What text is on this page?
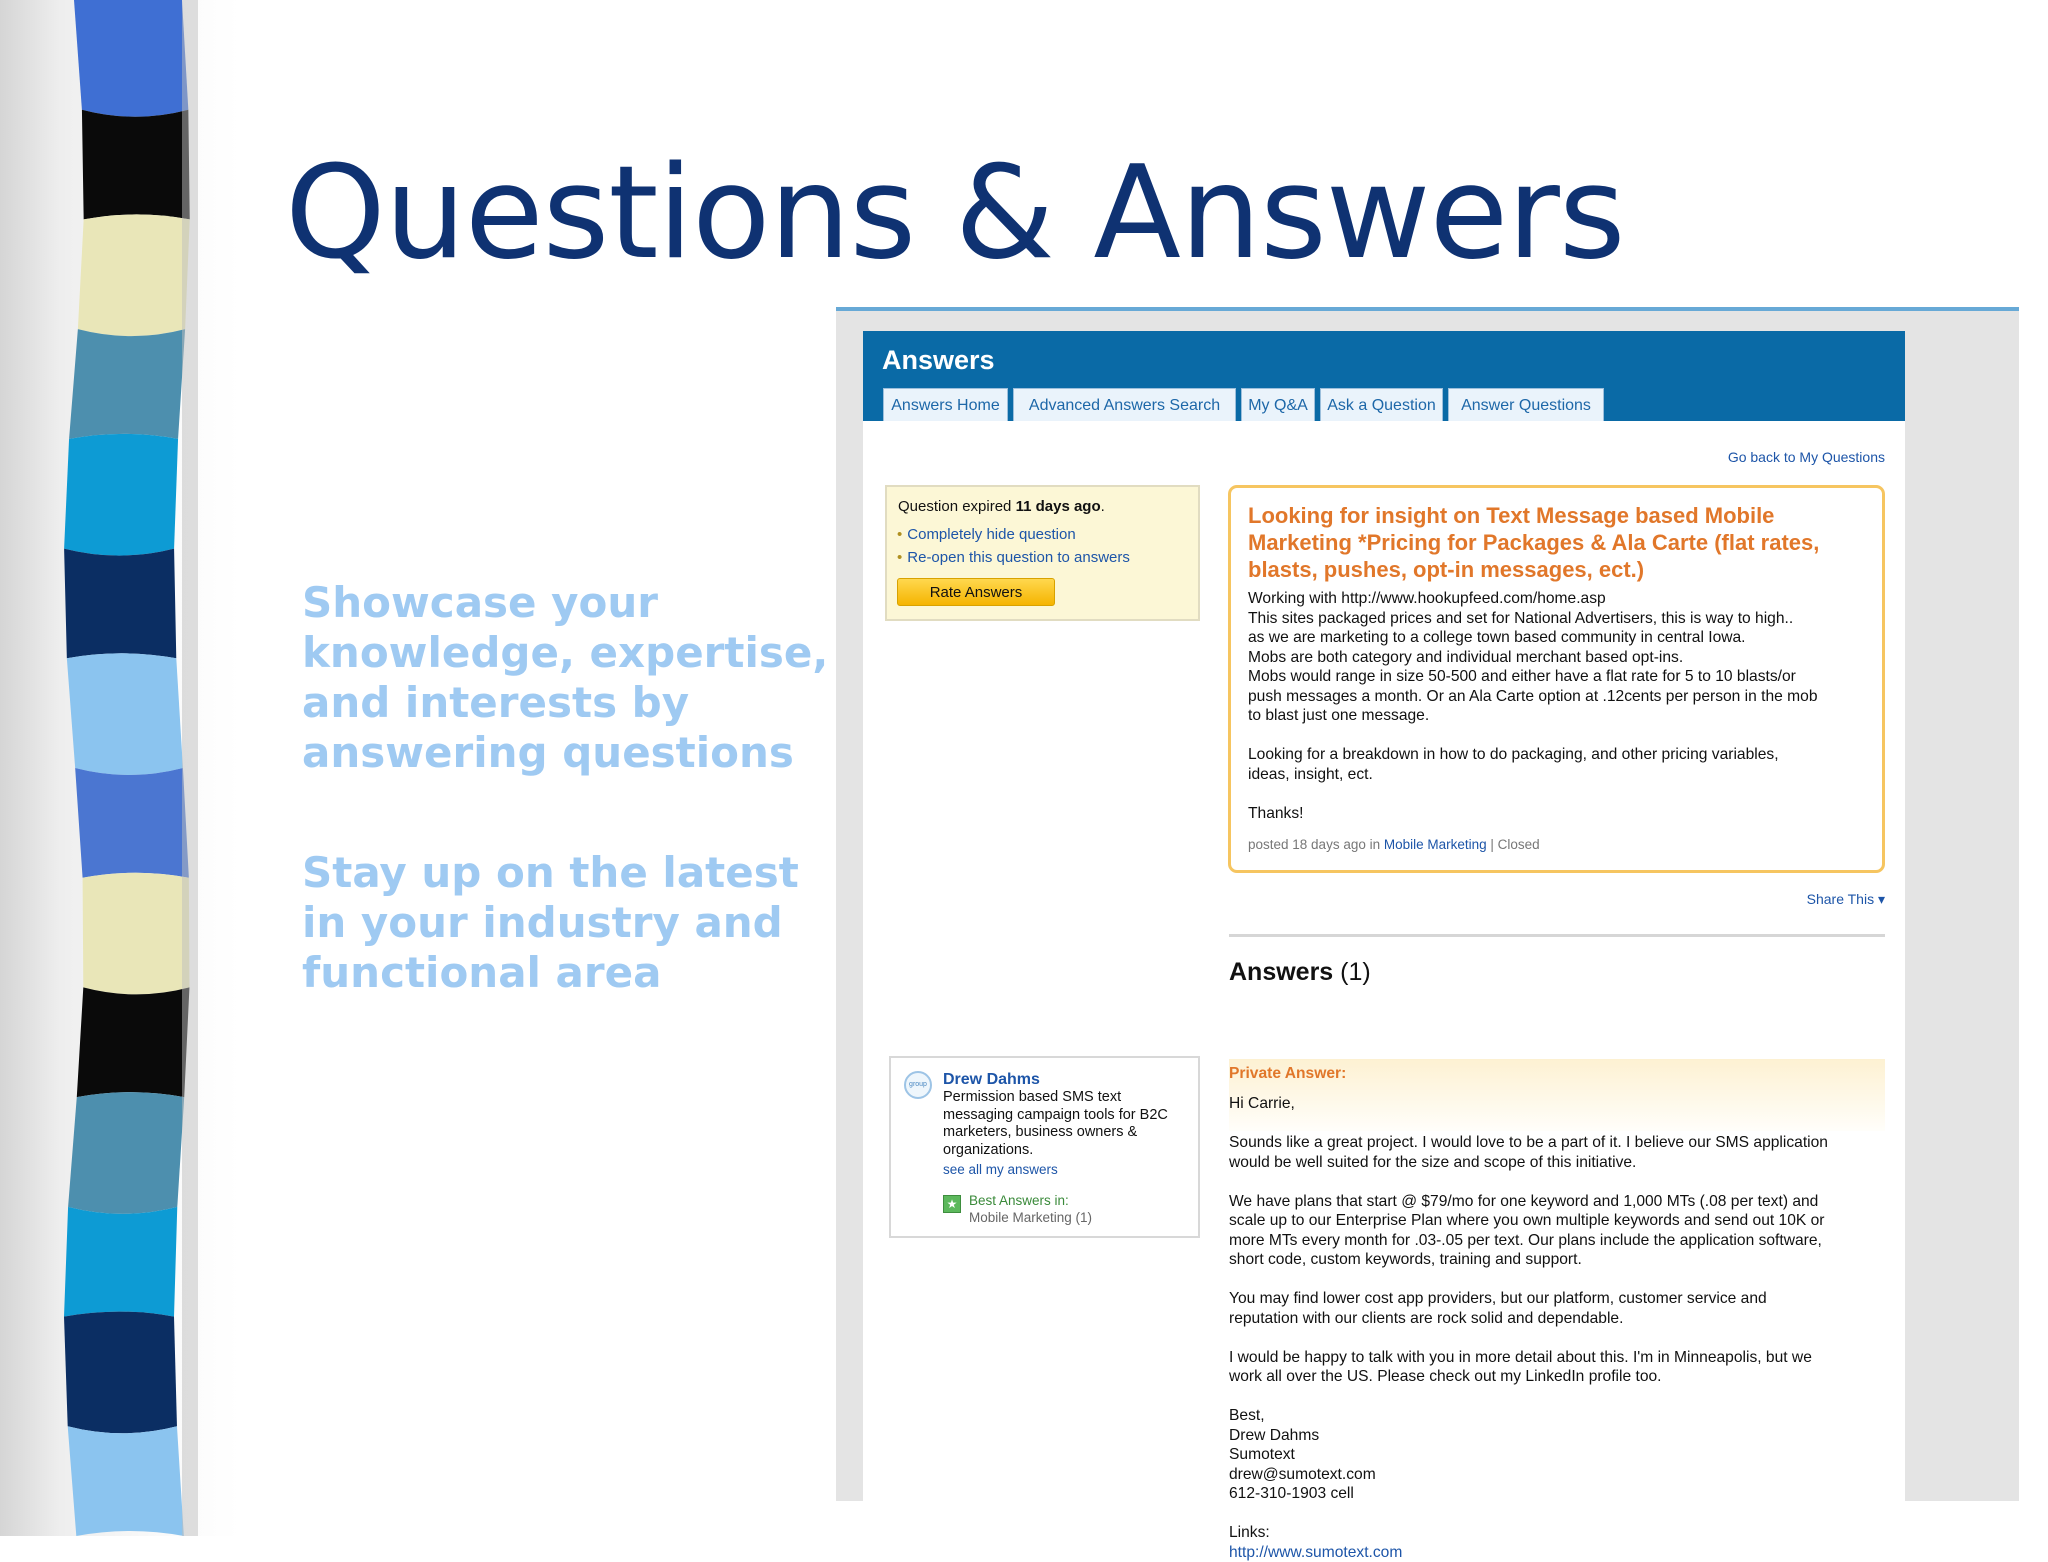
Questions & Answers

Showcase your knowledge, expertise, and interests by answering questions

Stay up on the latest in your industry and functional area

Answers
Answers Home	Advanced Answers Search	My Q&A	Ask a Question	Answer Questions
Go back to My Questions
Question expired 11 days ago.
• Completely hide question
• Re-open this question to answers
Rate Answers
Looking for insight on Text Message based Mobile Marketing *Pricing for Packages & Ala Carte (flat rates, blasts, pushes, opt-in messages, ect.)
Working with http://www.hookupfeed.com/home.asp
This sites packaged prices and set for National Advertisers, this is way to high..
as we are marketing to a college town based community in central Iowa.
Mobs are both category and individual merchant based opt-ins.
Mobs would range in size 50-500 and either have a flat rate for 5 to 10 blasts/or
push messages a month. Or an Ala Carte option at .12cents per person in the mob
to blast just one message.
Looking for a breakdown in how to do packaging, and other pricing variables,
ideas, insight, ect.
Thanks!
posted 18 days ago in Mobile Marketing | Closed
Share This ▾
Answers (1)
group	Drew Dahms
Permission based SMS text messaging campaign tools for B2C marketers, business owners & organizations.
see all my answers
★ Best Answers in:
Mobile Marketing (1)
Private Answer:
Hi Carrie,
Sounds like a great project. I would love to be a part of it. I believe our SMS application
would be well suited for the size and scope of this initiative.
We have plans that start @ $79/mo for one keyword and 1,000 MTs (.08 per text) and
scale up to our Enterprise Plan where you own multiple keywords and send out 10K or
more MTs every month for .03-.05 per text. Our plans include the application software,
short code, custom keywords, training and support.
You may find lower cost app providers, but our platform, customer service and
reputation with our clients are rock solid and dependable.
I would be happy to talk with you in more detail about this. I'm in Minneapolis, but we
work all over the US. Please check out my LinkedIn profile too.
Best,
Drew Dahms
Sumotext
drew@sumotext.com
612-310-1903 cell
Links:
http://www.sumotext.com
